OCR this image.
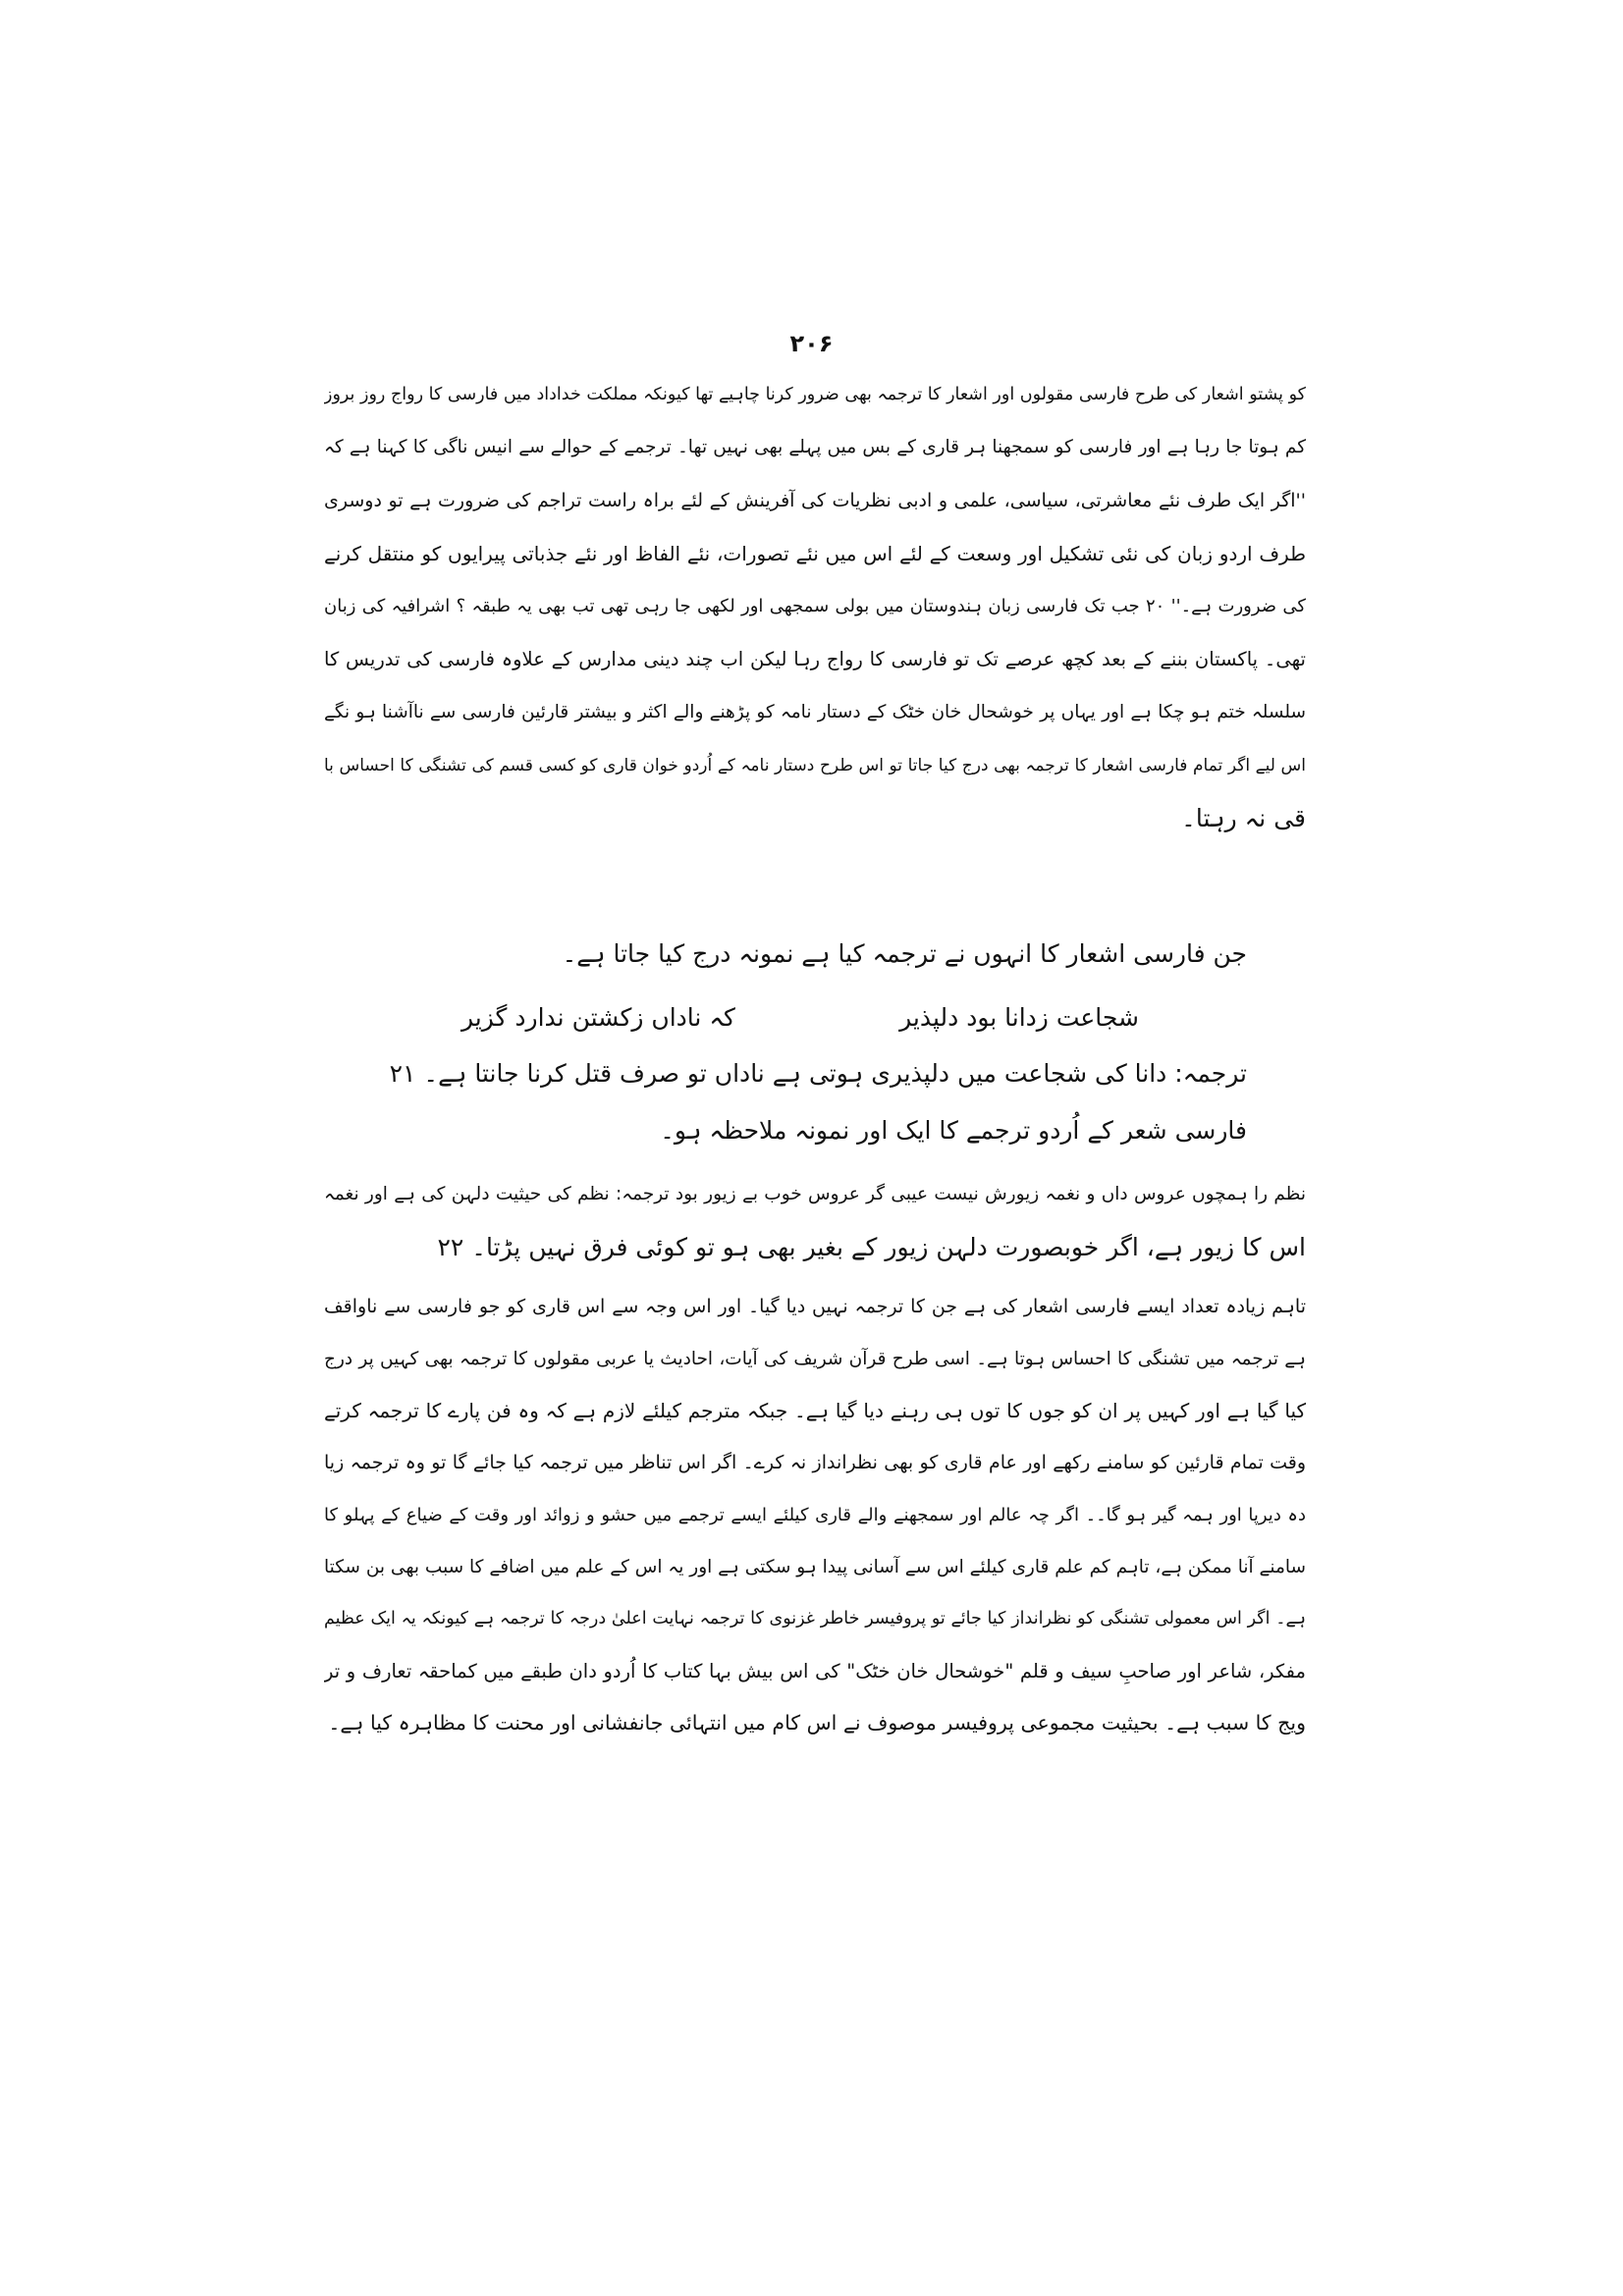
۲۰۶
کو پشتو اشعار کی طرح فارسی مقولوں اور اشعار کا ترجمہ بھی ضرور کرنا چاہیے تھا کیونکہ مملکت خداداد میں فارسی کا رواج روز بروز
کم ہوتا جا رہا ہے اور فارسی کو سمجھنا ہر قاری کے بس میں پہلے بھی نہیں تھا۔ ترجمے کے حوالے سے انیس ناگی کا کہنا ہے کہ
''اگر ایک طرف نئے معاشرتی، سیاسی، علمی و ادبی نظریات کی آفرینش کے لئے براہ راست تراجم کی ضرورت ہے تو دوسری
طرف اردو زبان کی نئی تشکیل اور وسعت کے لئے اس میں نئے تصورات، نئے الفاظ اور نئے جذباتی پیرایوں کو منتقل کرنے
کی ضرورت ہے۔'' ۲۰ جب تک فارسی زبان ہندوستان میں بولی سمجھی اور لکھی جا رہی تھی تب بھی یہ طبقہ ؟ اشرافیہ کی زبان
تھی۔ پاکستان بننے کے بعد کچھ عرصے تک تو فارسی کا رواج رہا لیکن اب چند دینی مدارس کے علاوہ فارسی کی تدریس کا
سلسلہ ختم ہو چکا ہے اور یہاں پر خوشحال خان خٹک کے دستار نامہ کو پڑھنے والے اکثر و بیشتر قارئین فارسی سے ناآشنا ہو نگے
اس لیے اگر تمام فارسی اشعار کا ترجمہ بھی درج کیا جاتا تو اس طرح دستار نامہ کے اُردو خوان قاری کو کسی قسم کی تشنگی کا احساس با
قی نہ رہتا۔
جن فارسی اشعار کا انہوں نے ترجمہ کیا ہے نمونہ درج کیا جاتا ہے۔
شجاعت زدانا بود دلپذیر
کہ ناداں زکشتن ندارد گزیر
ترجمہ: دانا کی شجاعت میں دلپذیری ہوتی ہے ناداں تو صرف قتل کرنا جانتا ہے۔ ۲۱
فارسی شعر کے اُردو ترجمے کا ایک اور نمونہ ملاحظہ ہو۔
نظم را ہمچوں عروس داں و نغمہ زیورش نیست عیبی گر عروس خوب بے زیور بود ترجمہ: نظم کی حیثیت دلہن کی ہے اور نغمہ
اس کا زیور ہے، اگر خوبصورت دلہن زیور کے بغیر بھی ہو تو کوئی فرق نہیں پڑتا۔ ۲۲
تاہم زیادہ تعداد ایسے فارسی اشعار کی ہے جن کا ترجمہ نہیں دیا گیا۔ اور اس وجہ سے اس قاری کو جو فارسی سے ناواقف
ہے ترجمہ میں تشنگی کا احساس ہوتا ہے۔ اسی طرح قرآن شریف کی آیات، احادیث یا عربی مقولوں کا ترجمہ بھی کہیں پر درج
کیا گیا ہے اور کہیں پر ان کو جوں کا توں ہی رہنے دیا گیا ہے۔ جبکہ مترجم کیلئے لازم ہے کہ وہ فن پارے کا ترجمہ کرتے
وقت تمام قارئین کو سامنے رکھے اور عام قاری کو بھی نظرانداز نہ کرے۔ اگر اس تناظر میں ترجمہ کیا جائے گا تو وہ ترجمہ زیا
دہ دیرپا اور ہمہ گیر ہو گا۔۔ اگر چہ عالم اور سمجھنے والے قاری کیلئے ایسے ترجمے میں حشو و زوائد اور وقت کے ضیاع کے پہلو کا
سامنے آنا ممکن ہے، تاہم کم علم قاری کیلئے اس سے آسانی پیدا ہو سکتی ہے اور یہ اس کے علم میں اضافے کا سبب بھی بن سکتا
ہے۔ اگر اس معمولی تشنگی کو نظرانداز کیا جائے تو پروفیسر خاطر غزنوی کا ترجمہ نہایت اعلیٰ درجہ کا ترجمہ ہے کیونکہ یہ ایک عظیم
مفکر، شاعر اور صاحبِ سیف و قلم "خوشحال خان خٹک" کی اس بیش بہا کتاب کا اُردو دان طبقے میں کماحقہ تعارف و تر
ویج کا سبب ہے۔ بحیثیت مجموعی پروفیسر موصوف نے اس کام میں انتہائی جانفشانی اور محنت کا مظاہرہ کیا ہے۔
